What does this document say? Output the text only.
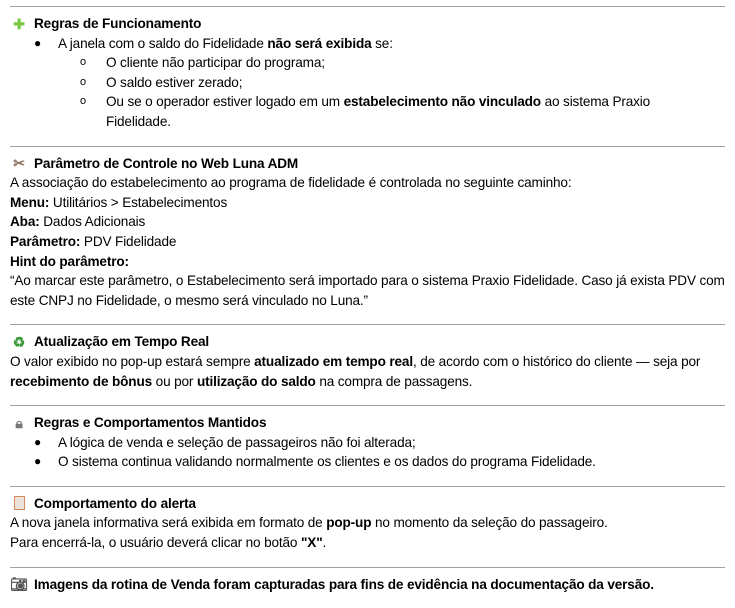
✚ Regras de Funcionamento
●	A janela com o saldo do Fidelidade não será exibida se:
o	O cliente não participar do programa;
o	O saldo estiver zerado;
o	Ou se o operador estiver logado em um estabelecimento não vinculado ao sistema Praxio Fidelidade.
✂ Parâmetro de Controle no Web Luna ADM
A associação do estabelecimento ao programa de fidelidade é controlada no seguinte caminho:
Menu: Utilitários > Estabelecimentos
Aba: Dados Adicionais
Parâmetro: PDV Fidelidade
Hint do parâmetro:
“Ao marcar este parâmetro, o Estabelecimento será importado para o sistema Praxio Fidelidade. Caso já exista PDV com este CNPJ no Fidelidade, o mesmo será vinculado no Luna.”
♻ Atualização em Tempo Real
O valor exibido no pop-up estará sempre atualizado em tempo real, de acordo com o histórico do cliente — seja por recebimento de bônus ou por utilização do saldo na compra de passagens.
🔒︎ Regras e Comportamentos Mantidos
●	A lógica de venda e seleção de passageiros não foi alterada;
●	O sistema continua validando normalmente os clientes e os dados do programa Fidelidade.
Comportamento do alerta
A nova janela informativa será exibida em formato de pop-up no momento da seleção do passageiro.
Para encerrá-la, o usuário deverá clicar no botão "X".
📷︎ Imagens da rotina de Venda foram capturadas para fins de evidência na documentação da versão.
